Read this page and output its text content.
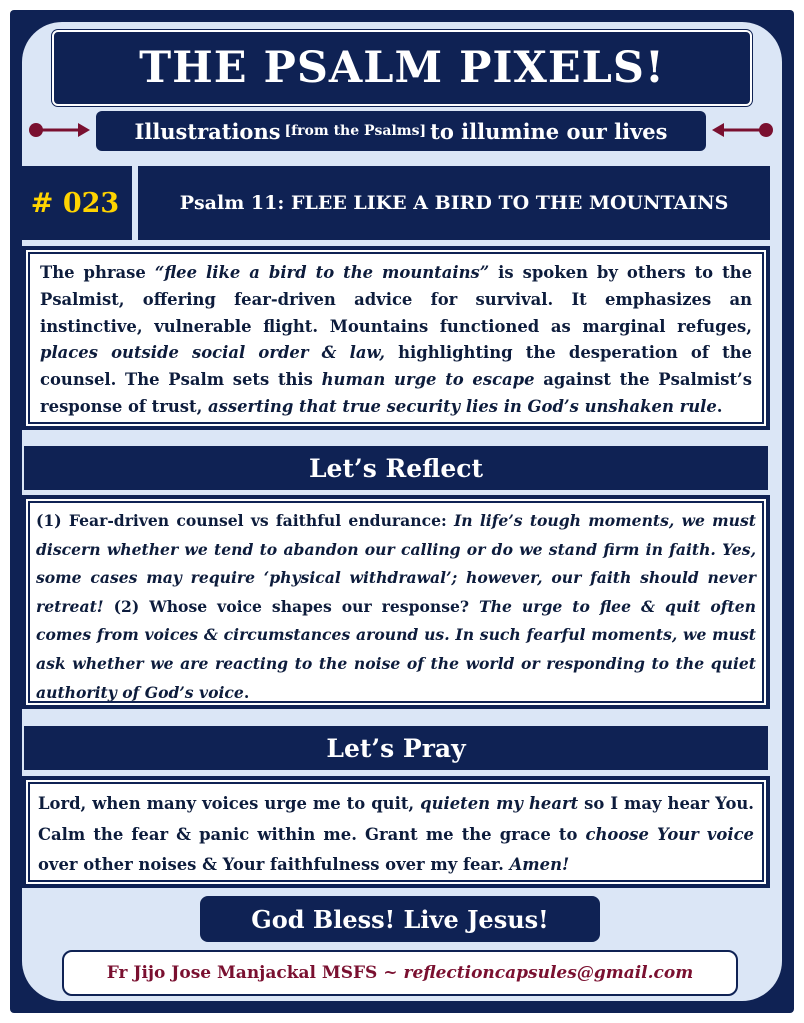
THE PSALM PIXELS!
Illustrations [from the Psalms] to illumine our lives
# 023	Psalm 11: FLEE LIKE A BIRD TO THE MOUNTAINS
The phrase “flee like a bird to the mountains” is spoken by others to the Psalmist, offering fear-driven advice for survival. It emphasizes an instinctive, vulnerable flight. Mountains functioned as marginal refuges, places outside social order & law, highlighting the desperation of the counsel. The Psalm sets this human urge to escape against the Psalmist’s response of trust, asserting that true security lies in God’s unshaken rule.
Let’s Reflect
(1) Fear-driven counsel vs faithful endurance: In life’s tough moments, we must discern whether we tend to abandon our calling or do we stand firm in faith. Yes, some cases may require ‘physical withdrawal’; however, our faith should never retreat! (2) Whose voice shapes our response? The urge to flee & quit often comes from voices & circumstances around us. In such fearful moments, we must ask whether we are reacting to the noise of the world or responding to the quiet authority of God’s voice.
Let’s Pray
Lord, when many voices urge me to quit, quieten my heart so I may hear You. Calm the fear & panic within me. Grant me the grace to choose Your voice over other noises & Your faithfulness over my fear. Amen!
God Bless! Live Jesus!
Fr Jijo Jose Manjackal MSFS ~ reflectioncapsules@gmail.com
